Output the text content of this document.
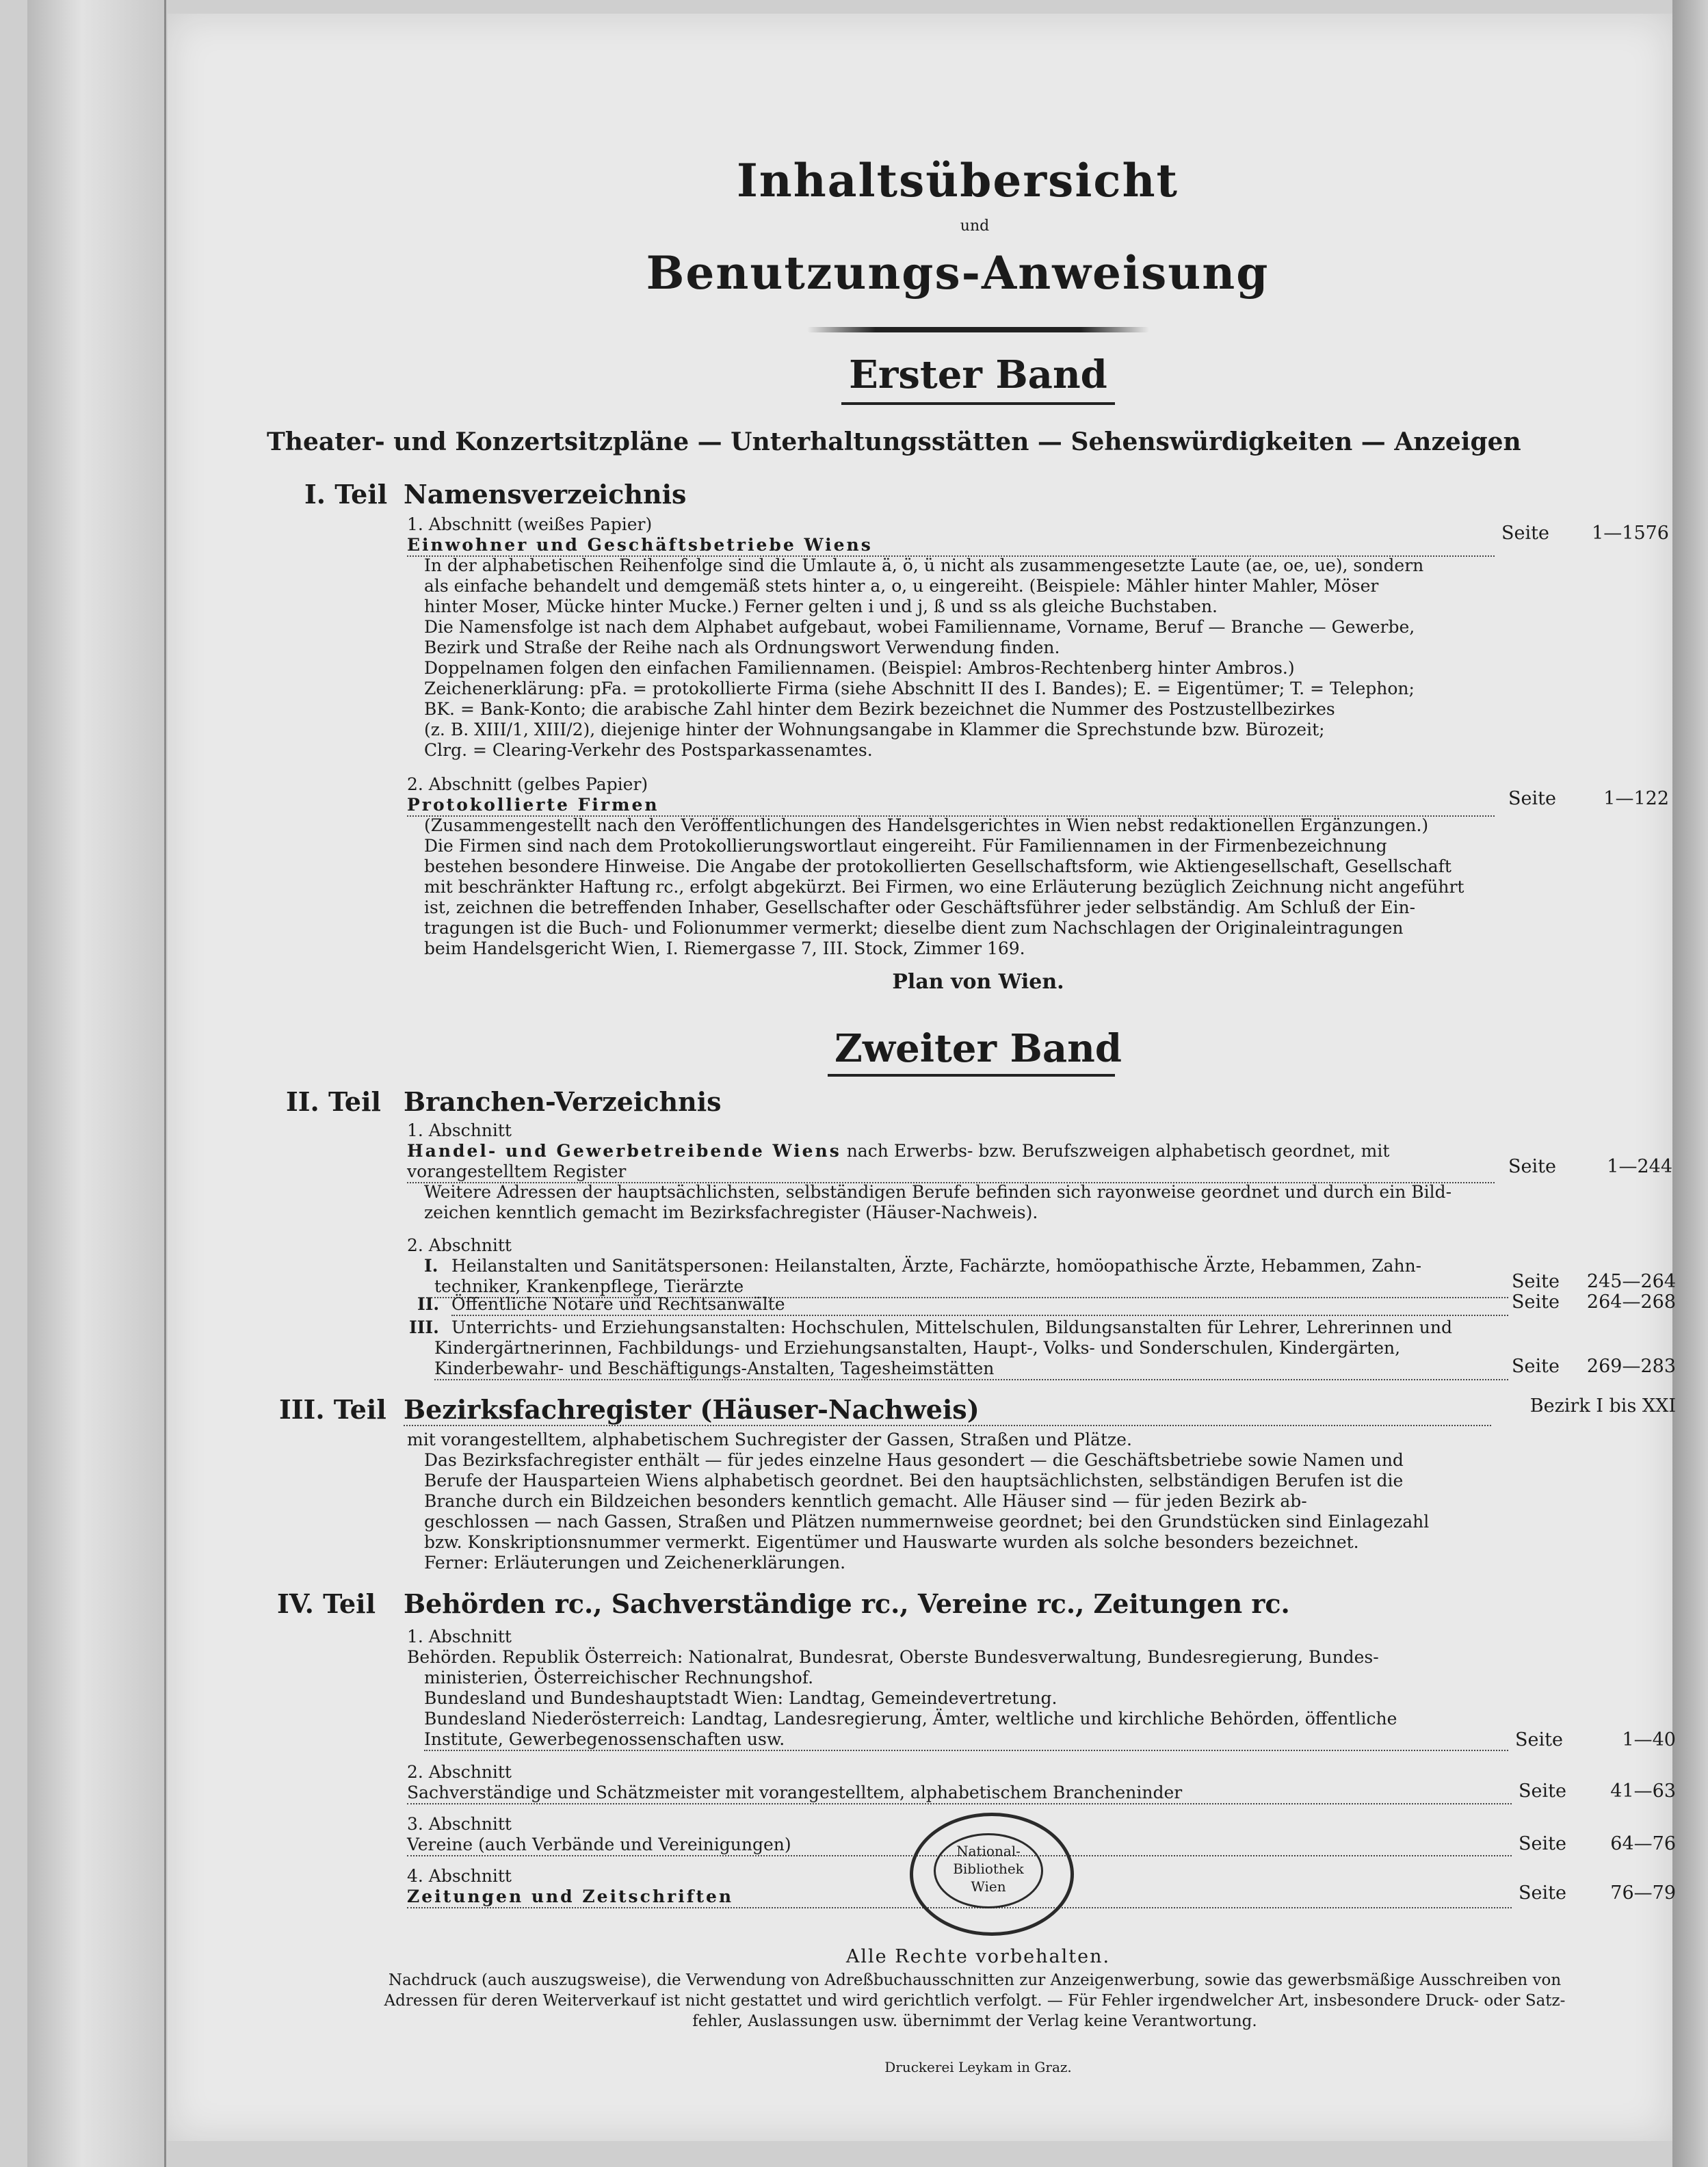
Inhaltsübersicht
und
Benutzungs-Anweisung
Erster Band
Theater- und Konzertsitzpläne — Unterhaltungsstätten — Sehenswürdigkeiten — Anzeigen
I. Teil Namensverzeichnis
1. Abschnitt (weißes Papier)
Einwohner und Geschäftsbetriebe Wiens
Seite	1—1576
In der alphabetischen Reihenfolge sind die Umlaute ä, ö, ü nicht als zusammengesetzte Laute (ae, oe, ue), sondern
als einfache behandelt und demgemäß stets hinter a, o, u eingereiht. (Beispiele: Mähler hinter Mahler, Möser
hinter Moser, Mücke hinter Mucke.) Ferner gelten i und j, ß und ss als gleiche Buchstaben.
Die Namensfolge ist nach dem Alphabet aufgebaut, wobei Familienname, Vorname, Beruf — Branche — Gewerbe,
Bezirk und Straße der Reihe nach als Ordnungswort Verwendung finden.
Doppelnamen folgen den einfachen Familiennamen. (Beispiel: Ambros-Rechtenberg hinter Ambros.)
Zeichenerklärung: pFa. = protokollierte Firma (siehe Abschnitt II des I. Bandes); E. = Eigentümer; T. = Telephon;
BK. = Bank-Konto; die arabische Zahl hinter dem Bezirk bezeichnet die Nummer des Postzustellbezirkes
(z. B. XIII/1, XIII/2), diejenige hinter der Wohnungsangabe in Klammer die Sprechstunde bzw. Bürozeit;
Clrg. = Clearing-Verkehr des Postsparkassenamtes.
2. Abschnitt (gelbes Papier)
Protokollierte Firmen	Seite	1—122
(Zusammengestellt nach den Veröffentlichungen des Handelsgerichtes in Wien nebst redaktionellen Ergänzungen.)
Die Firmen sind nach dem Protokollierungswortlaut eingereiht. Für Familiennamen in der Firmenbezeichnung
bestehen besondere Hinweise. Die Angabe der protokollierten Gesellschaftsform, wie Aktiengesellschaft, Gesellschaft
mit beschränkter Haftung rc., erfolgt abgekürzt. Bei Firmen, wo eine Erläuterung bezüglich Zeichnung nicht angeführt
ist, zeichnen die betreffenden Inhaber, Gesellschafter oder Geschäftsführer jeder selbständig. Am Schluß der Ein-
tragungen ist die Buch- und Folionummer vermerkt; dieselbe dient zum Nachschlagen der Originaleintragungen
beim Handelsgericht Wien, I. Riemergasse 7, III. Stock, Zimmer 169.
Plan von Wien.
Zweiter Band
II. Teil Branchen-Verzeichnis
1. Abschnitt
Handel- und Gewerbetreibende Wiens nach Erwerbs- bzw. Berufszweigen alphabetisch geordnet, mit
vorangestelltem Register	Seite	1—244
Weitere Adressen der hauptsächlichsten, selbständigen Berufe befinden sich rayonweise geordnet und durch ein Bild-
zeichen kenntlich gemacht im Bezirksfachregister (Häuser-Nachweis).
2. Abschnitt
I. Heilanstalten und Sanitätspersonen: Heilanstalten, Ärzte, Fachärzte, homöopathische Ärzte, Hebammen, Zahn-
techniker, Krankenpflege, Tierärzte	Seite	245—264
II. Öffentliche Notare und Rechtsanwälte	Seite	264—268
III. Unterrichts- und Erziehungsanstalten: Hochschulen, Mittelschulen, Bildungsanstalten für Lehrer, Lehrerinnen und
Kindergärtnerinnen, Fachbildungs- und Erziehungsanstalten, Haupt-, Volks- und Sonderschulen, Kindergärten,
Kinderbewahr- und Beschäftigungs-Anstalten, Tagesheimstätten	Seite	269—283
III. Teil Bezirksfachregister (Häuser-Nachweis)	Bezirk I bis XXI
mit vorangestelltem, alphabetischem Suchregister der Gassen, Straßen und Plätze.
Das Bezirksfachregister enthält — für jedes einzelne Haus gesondert — die Geschäftsbetriebe sowie Namen und
Berufe der Hausparteien Wiens alphabetisch geordnet. Bei den hauptsächlichsten, selbständigen Berufen ist die
Branche durch ein Bildzeichen besonders kenntlich gemacht. Alle Häuser sind — für jeden Bezirk ab-
geschlossen — nach Gassen, Straßen und Plätzen nummernweise geordnet; bei den Grundstücken sind Einlagezahl
bzw. Konskriptionsnummer vermerkt. Eigentümer und Hauswarte wurden als solche besonders bezeichnet.
Ferner: Erläuterungen und Zeichenerklärungen.
IV. Teil Behörden rc., Sachverständige rc., Vereine rc., Zeitungen rc.
1. Abschnitt
Behörden. Republik Österreich: Nationalrat, Bundesrat, Oberste Bundesverwaltung, Bundesregierung, Bundes-
ministerien, Österreichischer Rechnungshof.
Bundesland und Bundeshauptstadt Wien: Landtag, Gemeindevertretung.
Bundesland Niederösterreich: Landtag, Landesregierung, Ämter, weltliche und kirchliche Behörden, öffentliche
Institute, Gewerbegenossenschaften usw.	Seite	1—40
2. Abschnitt
Sachverständige und Schätzmeister mit vorangestelltem, alphabetischem Brancheninder	Seite	41—63
3. Abschnitt
Vereine (auch Verbände und Vereinigungen)	Seite	64—76
4. Abschnitt
Zeitungen und Zeitschriften	Seite	76—79
National-Bibliothek Wien
Alle Rechte vorbehalten.
Nachdruck (auch auszugsweise), die Verwendung von Adreßbuchausschnitten zur Anzeigenwerbung, sowie das gewerbsmäßige Ausschreiben von
Adressen für deren Weiterverkauf ist nicht gestattet und wird gerichtlich verfolgt. — Für Fehler irgendwelcher Art, insbesondere Druck- oder Satz-
fehler, Auslassungen usw. übernimmt der Verlag keine Verantwortung.
Druckerei Leykam in Graz.
